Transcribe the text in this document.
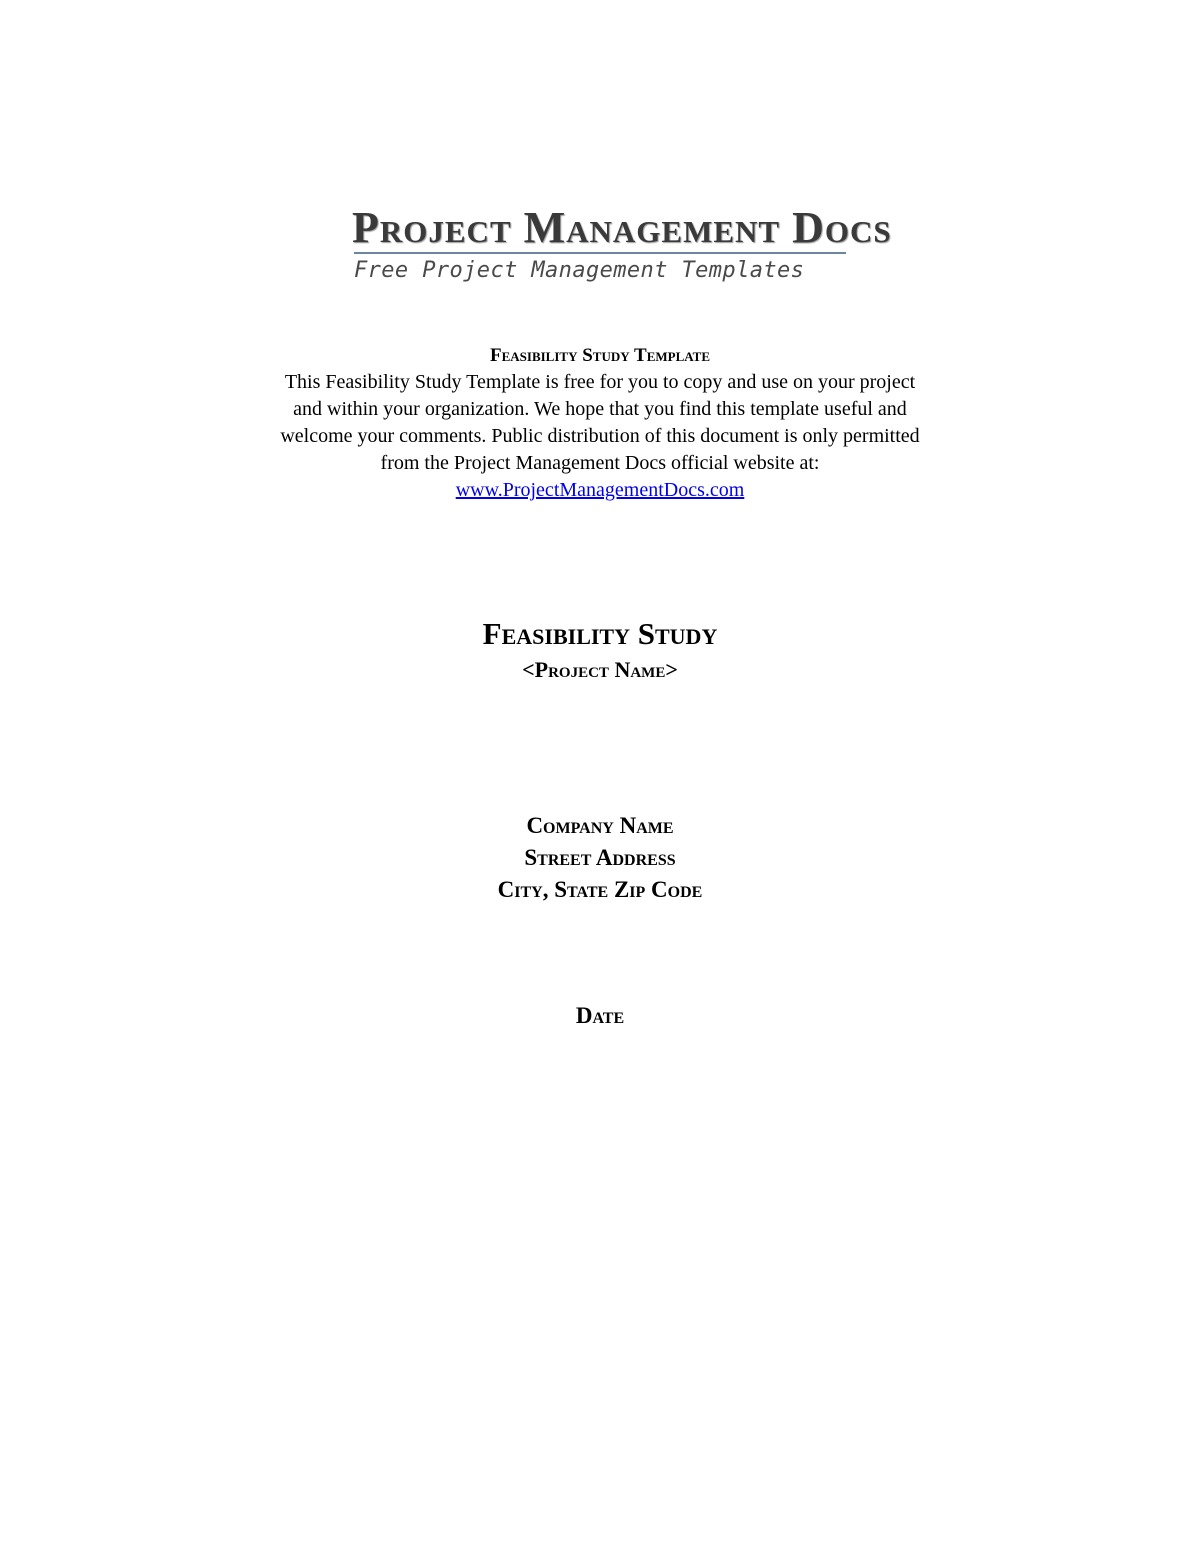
Project Management Docs
Free Project Management Templates

Feasibility Study Template

This Feasibility Study Template is free for you to copy and use on your project and within your organization. We hope that you find this template useful and welcome your comments. Public distribution of this document is only permitted from the Project Management Docs official website at:

www.ProjectManagementDocs.com
Feasibility Study
<Project Name>
Company Name
Street Address
City, State Zip Code
Date
